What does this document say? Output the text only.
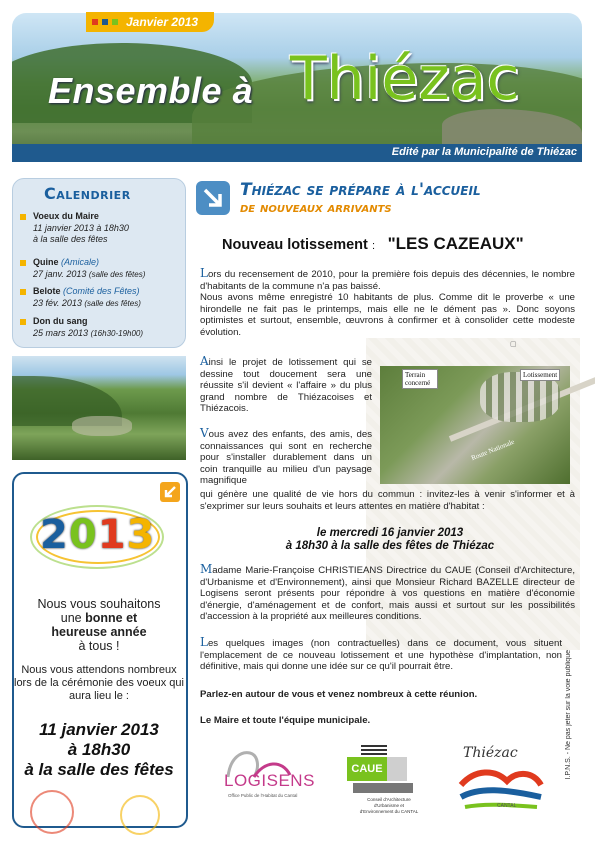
Janvier 2013
Ensemble à Thiézac
Edité par la Municipalité de Thiézac
Calendrier
Voeux du Maire
11 janvier 2013 à 18h30
à la salle des fêtes
Quine (Amicale)
27 janv. 2013 (salle des fêtes)
Belote (Comité des Fêtes)
23 fév. 2013 (salle des fêtes)
Don du sang
25 mars 2013 (16h30-19h00)
2013
Nous vous souhaitons
une bonne et
heureuse année
à tous !
Nous vous attendons nombreux lors de la cérémonie des voeux qui aura lieu le :
11 janvier 2013
à 18h30
à la salle des fêtes
Thiézac se prépare à l'accueil
de nouveaux arrivants
Nouveau lotissement : "LES CAZEAUX"
▢
Terrain concerné
Lotissement
Route Nationale
Lors du recensement de 2010, pour la première fois depuis des décennies, le nombre d'habitants de la commune n'a pas baissé.
Nous avons même enregistré 10 habitants de plus. Comme dit le proverbe « une hirondelle ne fait pas le printemps, mais elle ne le dément pas ». Donc soyons optimistes et surtout, ensemble, œuvrons à confirmer et à consolider cette modeste évolution.
Ainsi le projet de lotissement qui se dessine tout doucement sera une réussite s'il devient « l'affaire » du plus grand nombre de Thiézacoises et Thiézacois.
Vous avez des enfants, des amis, des connaissances qui sont en recherche pour s'installer durablement dans un coin tranquille au milieu d'un paysage magnifique
qui génère une qualité de vie hors du commun : invitez-les à venir s'informer et à s'exprimer sur leurs souhaits et leurs attentes en matière d'habitat :
le mercredi 16 janvier 2013
à 18h30 à la salle des fêtes de Thiézac
Madame Marie-Françoise CHRISTIEANS Directrice du CAUE (Conseil d'Architecture, d'Urbanisme et d'Environnement), ainsi que Monsieur Richard BAZELLE directeur de Logisens seront présents pour répondre à vos questions en matière d'économie d'énergie, d'aménagement et de confort, mais aussi et surtout sur les possibilités d'accession à la propriété aux meilleures conditions.
Les quelques images (non contractuelles) dans ce document, vous situent l'emplacement de ce nouveau lotissement et une hypothèse d'implantation, non définitive, mais qui donne une idée sur ce qu'il pourrait être.
Parlez-en autour de vous et venez nombreux à cette réunion.
Le Maire et toute l'équipe municipale.
LOGISENS
Office Public de l'Habitat du Cantal
CAUE
Conseil d'Architecture d'Urbanisme et d'Environnement du CANTAL
Thiézac
CANTAL
I.P.N.S. - Ne pas jeter sur la voie publique
